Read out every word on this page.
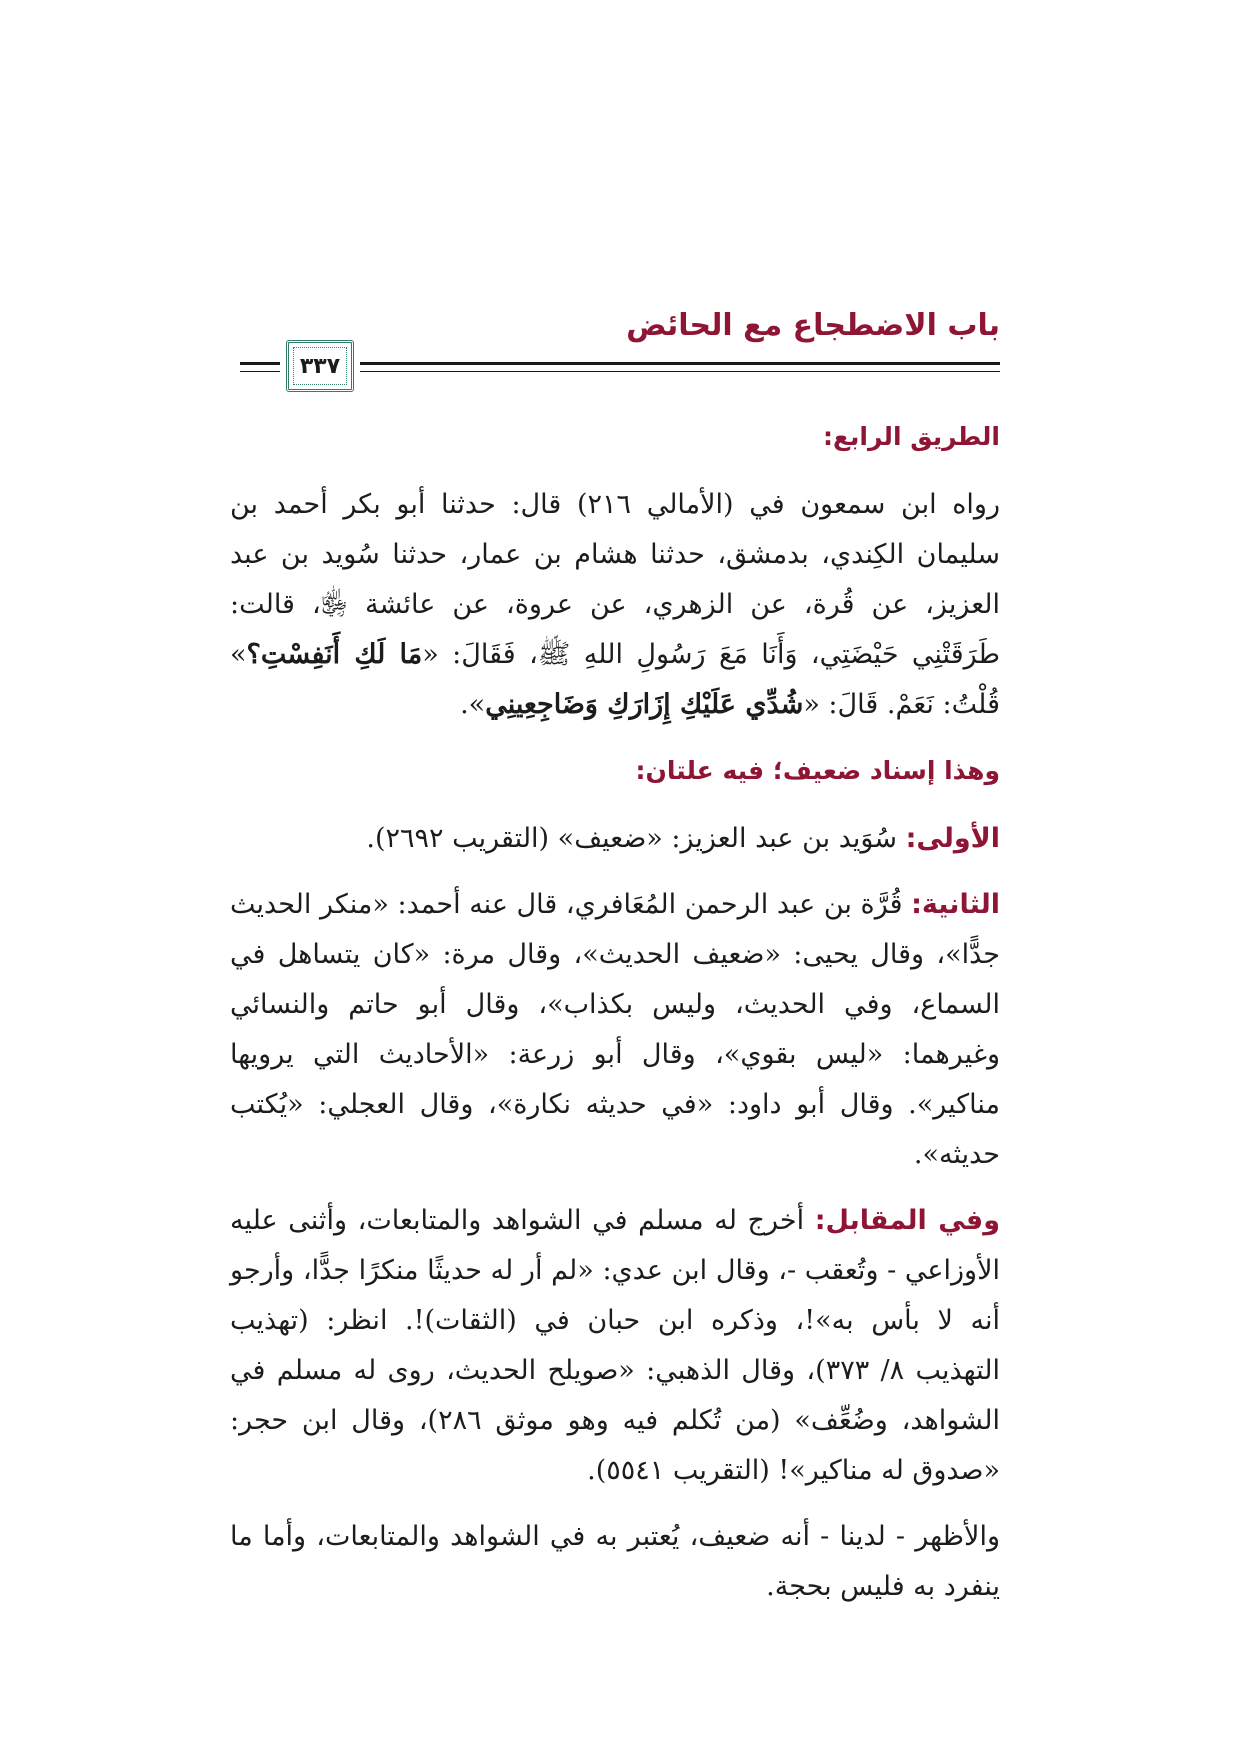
باب الاضطجاع مع الحائض
٣٣٧
الطريق الرابع:

رواه ابن سمعون في (الأمالي ٢١٦) قال: حدثنا أبو بكر أحمد بن سليمان الكِندي، بدمشق، حدثنا هشام بن عمار، حدثنا سُويد بن عبد العزيز، عن قُرة، عن الزهري، عن عروة، عن عائشة ﵂، قالت: طَرَقَتْنِي حَيْضَتِي، وَأَنَا مَعَ رَسُولِ اللهِ ﷺ، فَقَالَ: «مَا لَكِ أَنَفِسْتِ؟» قُلْتُ: نَعَمْ. قَالَ: «شُدِّي عَلَيْكِ إِزَارَكِ وَضَاجِعِينِي».

وهذا إسناد ضعيف؛ فيه علتان:

الأولى: سُوَيد بن عبد العزيز: «ضعيف» (التقريب ٢٦٩٢).

الثانية: قُرَّة بن عبد الرحمن المُعَافري، قال عنه أحمد: «منكر الحديث جدًّا»، وقال يحيى: «ضعيف الحديث»، وقال مرة: «كان يتساهل في السماع، وفي الحديث، وليس بكذاب»، وقال أبو حاتم والنسائي وغيرهما: «ليس بقوي»، وقال أبو زرعة: «الأحاديث التي يرويها مناكير». وقال أبو داود: «في حديثه نكارة»، وقال العجلي: «يُكتب حديثه».

وفي المقابل: أخرج له مسلم في الشواهد والمتابعات، وأثنى عليه الأوزاعي - وتُعقب -، وقال ابن عدي: «لم أر له حديثًا منكرًا جدًّا، وأرجو أنه لا بأس به»!، وذكره ابن حبان في (الثقات)!. انظر: (تهذيب التهذيب ٨/ ٣٧٣)، وقال الذهبي: «صويلح الحديث، روى له مسلم في الشواهد، وضُعِّف» (من تُكلم فيه وهو موثق ٢٨٦)، وقال ابن حجر: «صدوق له مناكير»! (التقريب ٥٥٤١).

والأظهر - لدينا - أنه ضعيف، يُعتبر به في الشواهد والمتابعات، وأما ما ينفرد به فليس بحجة.
